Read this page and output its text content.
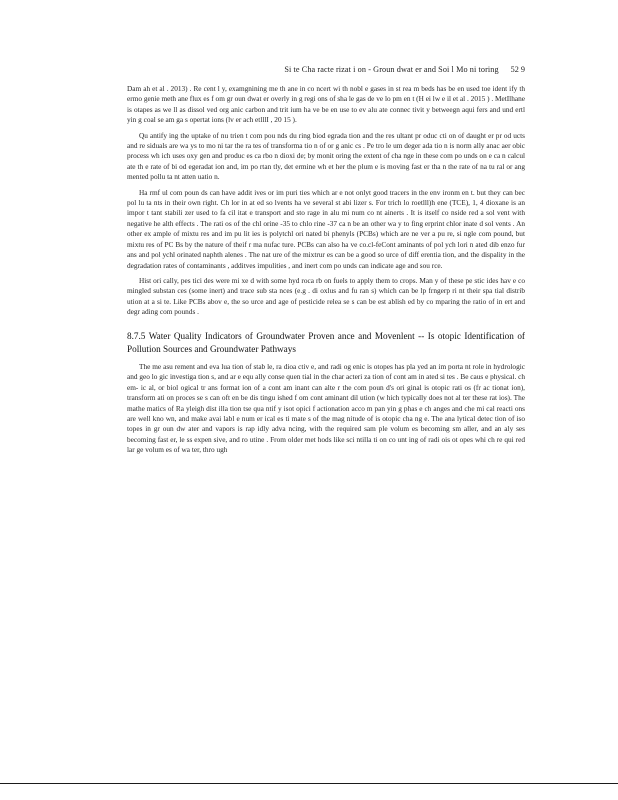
Si te Cha racte rizat i on - Groun dwat er and Soi l Mo ni toring 52 9

Dam ah et al . 2013) . Re cent l y, examgnining me th ane in co ncert wi th nobl e gases in st rea m beds has be en used toe ident ify th ermo genie meth ane flux es f om gr oun dwat er overly in g regi ons of sha le gas de ve lo pm en t (H ei lw e il et al . 2015 ) . MetIlhane is otapes as we ll as dissol ved org anic carbon and trit ium ha ve be en use to ev alu ate connec tivit y betweegn aqui fers and und ertl yin g coal se am ga s opertat ions (lv er ach etlllI , 20 15 ).

Qu antify ing the uptake of nu trien t com pou nds du ring biod egrada tion and the res ultant pr oduc cti on of daught er pr od ucts and re siduals are wa ys to mo ni tar the ra tes of transforma tio n of or g anic cs . Pe tro le um deger ada tio n is norm ally anac aer obic process wh ich uses oxy gen and produc es ca rbo n dioxi de; by monit oring the extent of cha nge in these com po unds on e ca n calcul ate th e rate of bi od egeradat ion and, im po rtan tly, det ermine wh et her the plum e is moving fast er tha n the rate of na tu ral or ang mented pollu ta nt atten uatio n.

Ha rmf ul com poun ds can have addit ives or im puri ties which ar e not onlyt good tracers in the env ironm en t. but they can bec pol lu ta nts in their own right. Ch lor in at ed so lvents ha ve several st abi lizer s. For trich lo roetlll)h ene (TCE), 1, 4 dioxane is an impor t tant stabili zer used to fa cil itat e transport and sto rage in alu mi num co nt ainerts . It is itself co nside red a sol vent with negative he alth effects . The rati os of the chl orine -35 to chlo rine -37 ca n be an other wa y to fing erprint chlor inate d sol vents . An other ex ample of mixtu res and im pu lit ies is polytchl ori nated bi phenyls (PCBs) which are ne ver a pu re, si ngle com pound, but mixtu res of PC Bs by the nature of theif r ma nufac ture. PCBs can also ha ve co.cl-feCont aminants of pol ych lori n ated dib enzo fur ans and pol ychl orinated naphth alenes . The nat ure of the mixtrur es can be a good so urce of diff erentia tion, and the dispality in the degradation rates of contaminants , additves impulities , and inert com po unds can indicate age and sou rce.

Hist ori cally, pes tici des were mi xe d with some hyd roca rb on fuels to apply them to crops. Man y of these pe stic ides hav e co mingled substan ces (some inert) and trace sub sta nces (e.g . di oxlus and fu ran s) which can be lp frngerp ri nt their spa tial distrib ution at a si te. Like PCBs abov e, the so urce and age of pesticide relea se s can be est ablish ed by co mparing the ratio of in ert and degr ading com pounds .

8.7.5 Water Quality Indicators of Groundwater Proven ance and Movenlent -- Is otopic Identification of Pollution Sources and Groundwater Pathways

The me asu rement and eva lua tion of stab le, ra dioa ctiv e, and radi og enic is otopes has pla yed an im porta nt role in hydrologic and geo lo gic investiga tion s, and ar e equ ally conse quen tial in the char acteri za tion of cont am in ated si tes . Be caus e physical. ch em- ic al, or biol ogical tr ans format ion of a cont am inant can alte r the com poun d's ori ginal is otopic rati os (fr ac tionat ion), transform ati on proces se s can oft en be dis tingu ished f om cont aminant dil ution (w hich typically does not al ter these rat ios). The mathe matics of Ra yleigh dist illa tion tse qua ntif y isot opici f actionation acco m pan yin g phas e ch anges and che mi cal reacti ons are well kno wn, and make avai labl e num er ical es ti mate s of the mag nitude of is otopic cha ng e. The ana lytical detec tion of iso topes in gr oun dw ater and vapors is rap idly adva ncing, with the required sam ple volum es becoming sm aller, and an aly ses becoming fast er, le ss expen sive, and ro utine . From older met hods like sci ntilla ti on co unt ing of radi ois ot opes whi ch re qui red lar ge volum es of wa ter, thro ugh
